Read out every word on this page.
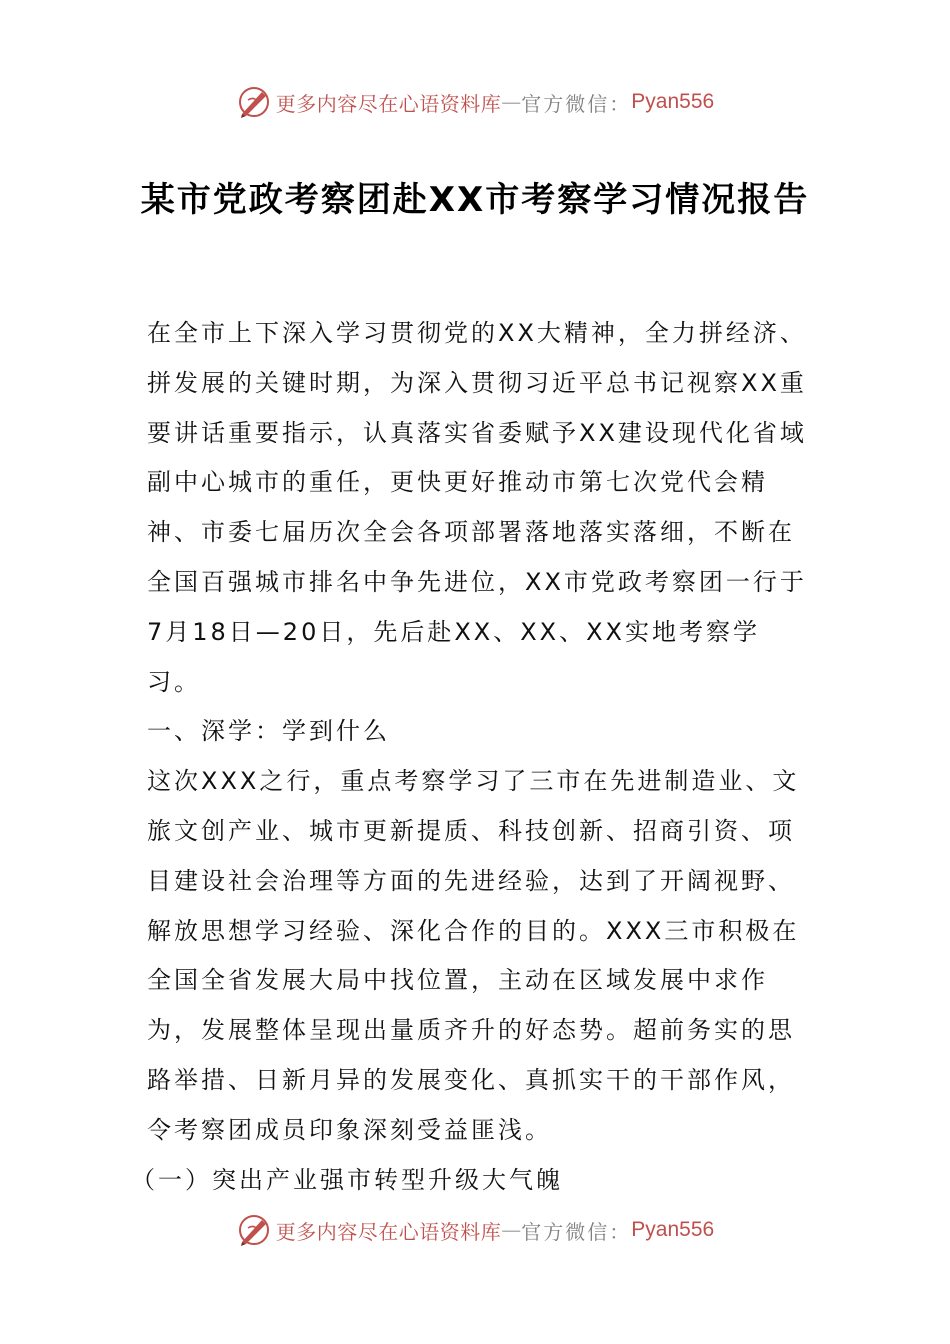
更多内容尽在心语资料库 — 官方微信： Pyan556
某市党政考察团赴XX市考察学习情况报告

在全市上下深入学习贯彻党的XX大精神，全力拼经济、拼发展的关键时期，为深入贯彻习近平总书记视察XX重要讲话重要指示，认真落实省委赋予XX建设现代化省域副中心城市的重任，更快更好推动市第七次党代会精神、市委七届历次全会各项部署落地落实落细，不断在全国百强城市排名中争先进位，XX市党政考察团一行于7月18日—20日，先后赴XX、XX、XX实地考察学习。

一、深学：学到什么

这次XXX之行，重点考察学习了三市在先进制造业、文旅文创产业、城市更新提质、科技创新、招商引资、项目建设社会治理等方面的先进经验，达到了开阔视野、解放思想学习经验、深化合作的目的。XXX三市积极在全国全省发展大局中找位置，主动在区域发展中求作为，发展整体呈现出量质齐升的好态势。超前务实的思路举措、日新月异的发展变化、真抓实干的干部作风，令考察团成员印象深刻受益匪浅。

（一）突出产业强市转型升级大气魄

更多内容尽在心语资料库 — 官方微信： Pyan556
